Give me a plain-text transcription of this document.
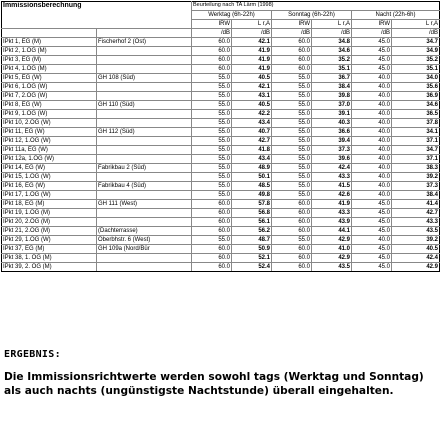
Immissionsberechnung		Beurteilung nach TA Lärm (1998)					
		Werktag (6h-22h)		Sonntag (6h-22h)		Nacht (22h-6h)	
		IRW	L r,A	IRW	L r,A	IRW	L r,A
		/dB	/dB	/dB	/dB	/dB	/dB
IPkt 1, EG (M)	Fischerhof 2 (Ost)	60.0	42.1	60.0	34.8	45.0	34.7
IPkt 2, 1.OG (M)		60.0	41.9	60.0	34.6	45.0	34.9
IPkt 3, EG (M)		60.0	41.9	60.0	35.2	45.0	35.2
IPkt 4, 1.OG (M)		60.0	41.9	60.0	35.1	45.0	35.1
IPkt 5, EG (W)	GH 108 (Süd)	55.0	40.5	55.0	36.7	40.0	34.0
IPkt 6, 1.OG (W)		55.0	42.1	55.0	38.4	40.0	35.6
IPkt 7, 2.OG (W)		55.0	43.1	55.0	39.8	40.0	36.9
IPkt 8, EG (W)	GH 110 (Süd)	55.0	40.5	55.0	37.0	40.0	34.6
IPkt 9, 1.OG (W)		55.0	42.2	55.0	39.1	40.0	36.5
IPkt 10, 2.OG (W)		55.0	43.4	55.0	40.3	40.0	37.8
IPkt 11, EG (W)	GH 112 (Süd)	55.0	40.7	55.0	36.6	40.0	34.1
IPkt 12, 1.OG (W)		55.0	42.7	55.0	39.4	40.0	37.1
IPkt 11a, EG (W)		55.0	41.8	55.0	37.3	40.0	34.7
IPkt 12a, 1.OG (W)		55.0	43.4	55.0	39.6	40.0	37.1
IPkt 14, EG (W)	Fabrikbau 2 (Süd)	55.0	48.9	55.0	42.4	40.0	38.3
IPkt 15, 1.OG (W)		55.0	50.1	55.0	43.3	40.0	39.2
IPkt 16, EG (W)	Fabrikbau 4 (Süd)	55.0	48.5	55.0	41.5	40.0	37.3
IPkt 17, 1.OG (W)		55.0	49.8	55.0	42.6	40.0	38.4
IPkt 18, EG (M)	GH 111 (West)	60.0	57.8	60.0	41.9	45.0	41.4
IPkt 19, 1.OG (M)		60.0	56.8	60.0	43.3	45.0	42.7
IPkt 20, 2.OG (M)		60.0	56.1	60.0	43.9	45.0	43.3
IPkt 21, 2.OG (M)	(Dachterrasse)	60.0	56.2	60.0	44.1	45.0	43.5
IPkt 29, 1.OG (W)	Oberbhstr. 6 (West)	55.0	48.7	55.0	42.9	40.0	39.2
IPkt 37, EG (M)	GH 109a (Nord/Bür	60.0	50.9	60.0	41.0	45.0	40.5
IPkt 38, 1. OG (M)		60.0	52.1	60.0	42.9	45.0	42.4
IPkt 39, 2. OG (M)		60.0	52.4	60.0	43.5	45.0	42.9
ERGEBNIS:
Die Immissionsrichtwerte werden sowohl tags (Werktag und Sonntag) als auch nachts (ungünstigste Nachtstunde) überall eingehalten.
